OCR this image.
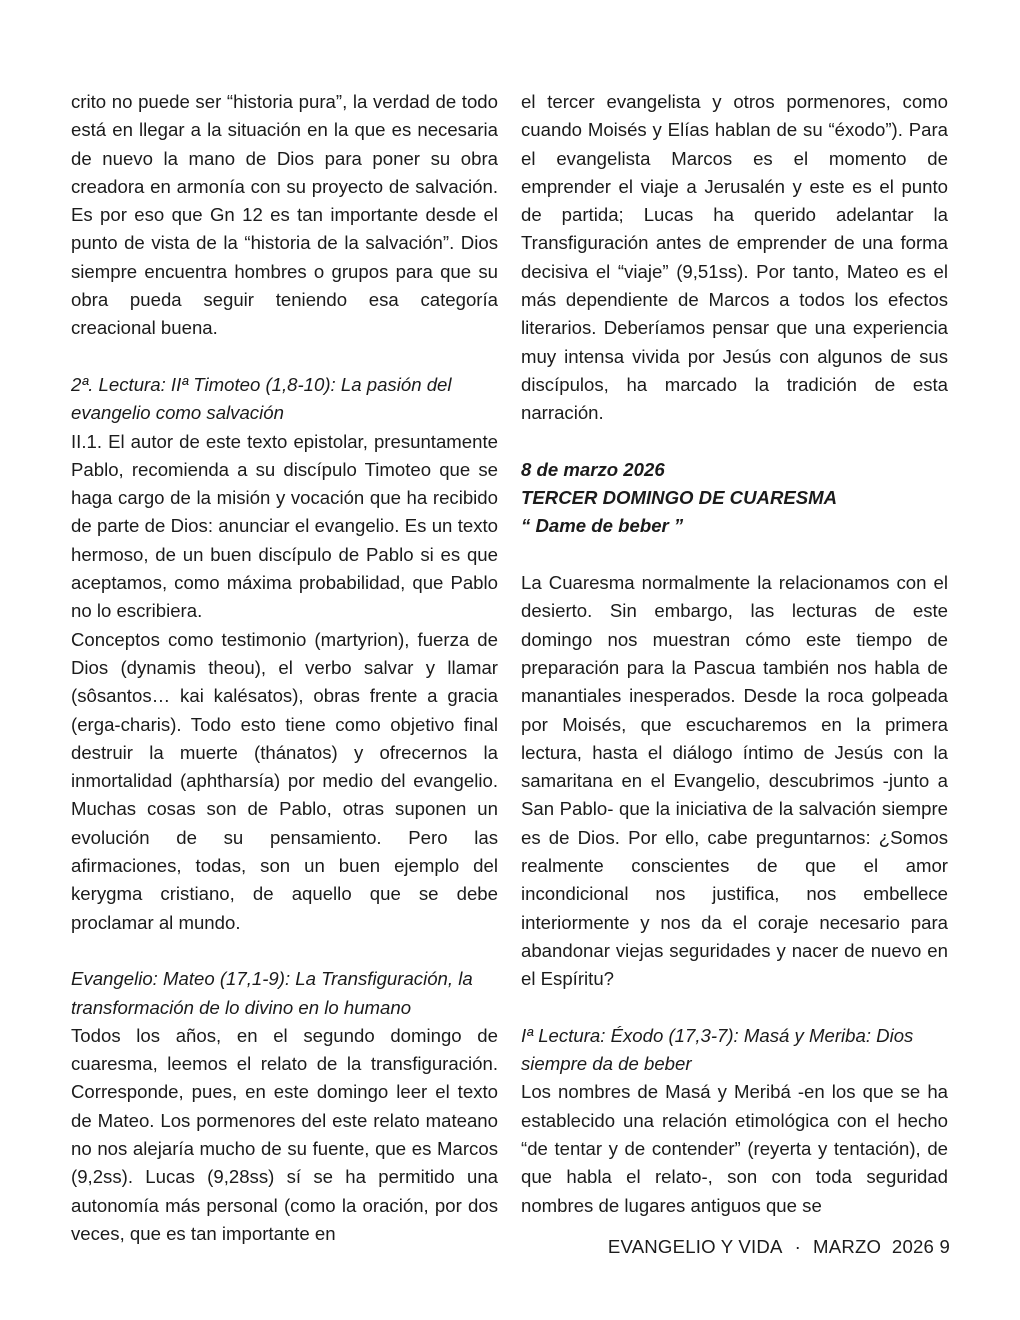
crito no puede ser “historia pura”, la verdad de todo está en llegar a la situación en la que es necesaria de nuevo la mano de Dios para poner su obra creadora en armonía con su proyecto de salvación. Es por eso que Gn 12 es tan importante desde el punto de vista de la “historia de la salvación”. Dios siempre encuentra hombres o grupos para que su obra pueda seguir teniendo esa categoría creacional buena.

2ª. Lectura: IIª Timoteo (1,8-10): La pasión del evangelio como salvación

II.1. El autor de este texto epistolar, presuntamente Pablo, recomienda a su discípulo Timoteo que se haga cargo de la misión y vocación que ha recibido de parte de Dios: anunciar el evangelio. Es un texto hermoso, de un buen discípulo de Pablo si es que aceptamos, como máxima probabilidad, que Pablo no lo escribiera.

Conceptos como testimonio (martyrion), fuerza de Dios (dynamis theou), el verbo salvar y llamar (sôsantos… kai kalésatos), obras frente a gracia (erga-charis). Todo esto tiene como objetivo final destruir la muerte (thánatos) y ofrecernos la inmortalidad (aphtharsía) por medio del evangelio. Muchas cosas son de Pablo, otras suponen un evolución de su pensamiento. Pero las afirmaciones, todas, son un buen ejemplo del kerygma cristiano, de aquello que se debe proclamar al mundo.

Evangelio: Mateo (17,1-9): La Transfiguración, la transformación de lo divino en lo humano

Todos los años, en el segundo domingo de cuaresma, leemos el relato de la transfiguración. Corresponde, pues, en este domingo leer el texto de Mateo. Los pormenores del este relato mateano no nos alejaría mucho de su fuente, que es Marcos (9,2ss). Lucas (9,28ss) sí se ha permitido una autonomía más personal (como la oración, por dos veces, que es tan importante en

el tercer evangelista y otros pormenores, como cuando Moisés y Elías hablan de su “éxodo”). Para el evangelista Marcos es el momento de emprender el viaje a Jerusalén y este es el punto de partida; Lucas ha querido adelantar la Transfiguración antes de emprender de una forma decisiva el “viaje” (9,51ss). Por tanto, Mateo es el más dependiente de Marcos a todos los efectos literarios. Deberíamos pensar que una experiencia muy intensa vivida por Jesús con algunos de sus discípulos, ha marcado la tradición de esta narración.

8 de marzo 2026

TERCER DOMINGO DE CUARESMA

“ Dame de beber ”

La Cuaresma normalmente la relacionamos con el desierto. Sin embargo, las lecturas de este domingo nos muestran cómo este tiempo de preparación para la Pascua también nos habla de manantiales inesperados. Desde la roca golpeada por Moisés, que escucharemos en la primera lectura, hasta el diálogo íntimo de Jesús con la samaritana en el Evangelio, descubrimos -junto a San Pablo- que la iniciativa de la salvación siempre es de Dios. Por ello, cabe preguntarnos: ¿Somos realmente conscientes de que el amor incondicional nos justifica, nos embellece interiormente y nos da el coraje necesario para abandonar viejas seguridades y nacer de nuevo en el Espíritu?

Iª Lectura: Éxodo (17,3-7): Masá y Meriba: Dios siempre da de beber

Los nombres de Masá y Meribá -en los que se ha establecido una relación etimológica con el hecho “de tentar y de contender” (reyerta y tentación), de que habla el relato-, son con toda seguridad nombres de lugares antiguos que se

EVANGELIO Y VIDA · MARZO  2026 9
